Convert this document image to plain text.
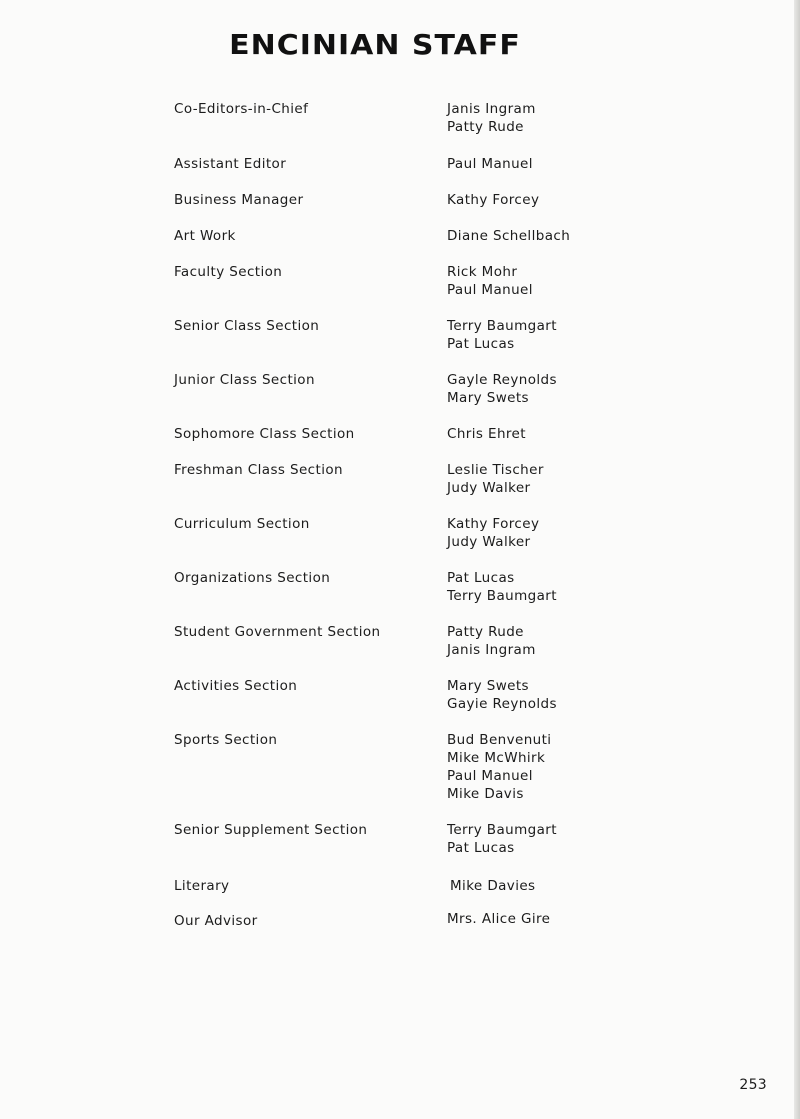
ENCINIAN STAFF
Co-Editors-in-Chief	Janis Ingram
Patty Rude
Assistant Editor	Paul Manuel
Business Manager	Kathy Forcey
Art Work	Diane Schellbach
Faculty Section	Rick Mohr
Paul Manuel
Senior Class Section	Terry Baumgart
Pat Lucas
Junior Class Section	Gayle Reynolds
Mary Swets
Sophomore Class Section	Chris Ehret
Freshman Class Section	Leslie Tischer
Judy Walker
Curriculum Section	Kathy Forcey
Judy Walker
Organizations Section	Pat Lucas
Terry Baumgart
Student Government Section	Patty Rude
Janis Ingram
Activities Section	Mary Swets
Gayie Reynolds
Sports Section	Bud Benvenuti
Mike McWhirk
Paul Manuel
Mike Davis
Senior Supplement Section	Terry Baumgart
Pat Lucas
Literary	Mike Davies
Our Advisor	Mrs. Alice Gire
253
